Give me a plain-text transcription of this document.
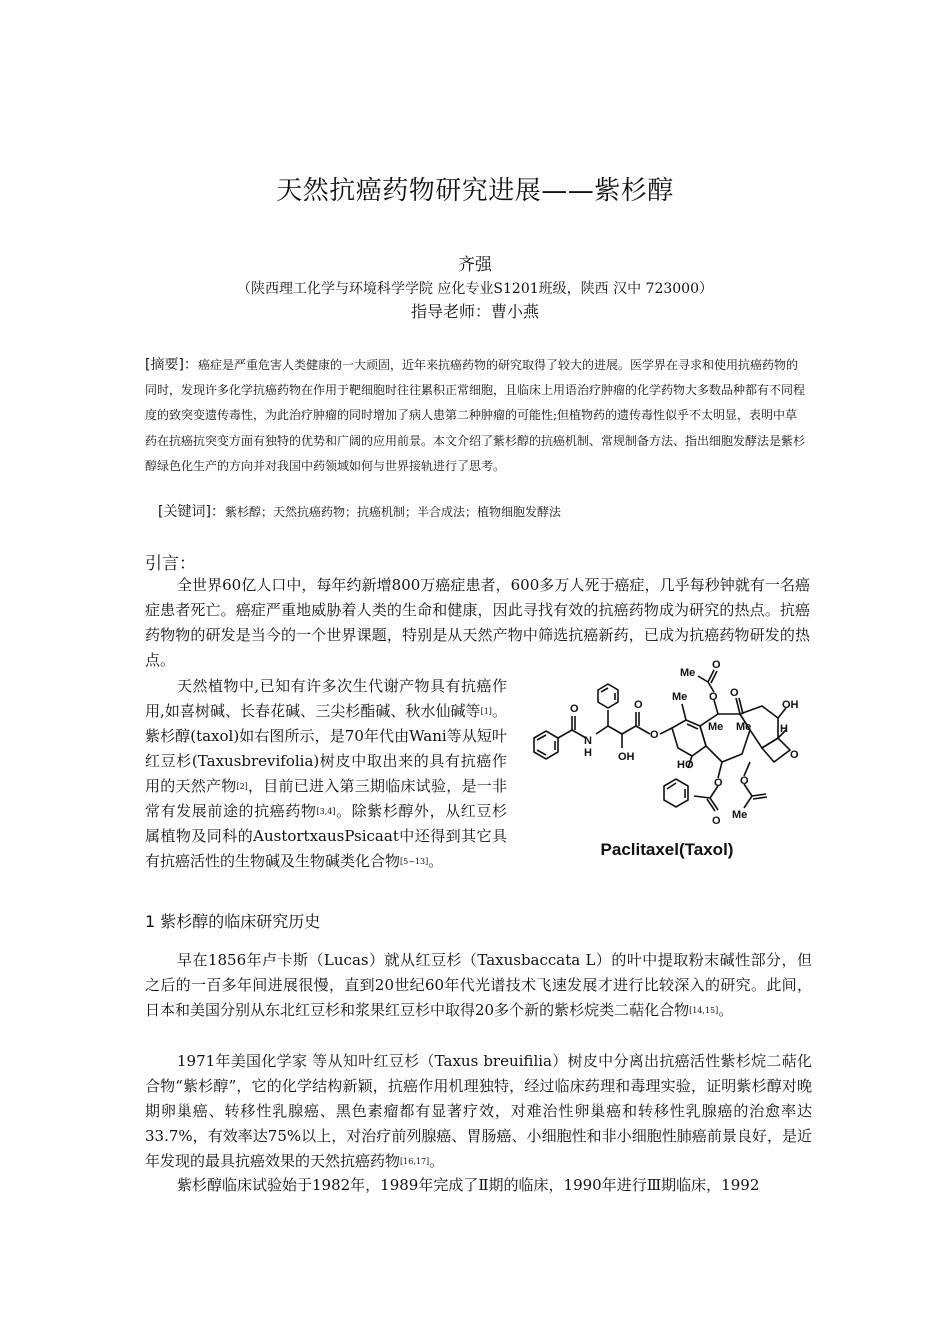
天然抗癌药物研究进展——紫杉醇
齐强
（陕西理工化学与环境科学学院 应化专业S1201班级，陕西 汉中 723000）
指导老师：曹小燕
[摘要]：癌症是严重危害人类健康的一大顽固，近年来抗癌药物的研究取得了较大的进展。医学界在寻求和使用抗癌药物的同时，发现许多化学抗癌药物在作用于靶细胞时往往累积正常细胞，且临床上用语治疗肿瘤的化学药物大多数品种都有不同程度的致突变遗传毒性，为此治疗肿瘤的同时增加了病人患第二种肿瘤的可能性;但植物药的遗传毒性似乎不太明显，表明中草药在抗癌抗突变方面有独特的优势和广阔的应用前景。本文介绍了紫杉醇的抗癌机制、常规制备方法、指出细胞发酵法是紫杉醇绿色化生产的方向并对我国中药领域如何与世界接轨进行了思考。
[关键词]：紫杉醇；天然抗癌药物；抗癌机制；半合成法；植物细胞发酵法
引言：
全世界60亿人口中，每年约新增800万癌症患者，600多万人死于癌症，几乎每秒钟就有一名癌症患者死亡。癌症严重地威胁着人类的生命和健康，因此寻找有效的抗癌药物成为研究的热点。抗癌药物物的研发是当今的一个世界课题，特别是从天然产物中筛选抗癌新药，已成为抗癌药物研发的热点。
天然植物中,已知有许多次生代谢产物具有抗癌作用,如喜树碱、长春花碱、三尖杉酯碱、秋水仙碱等[1]。紫杉醇(taxol)如右图所示，是70年代由Wani等从短叶红豆杉(Taxusbrevifolia)树皮中取出来的具有抗癌作用的天然产物[2]，目前已进入第三期临床试验，是一非常有发展前途的抗癌药物[3,4]。除紫杉醇外，从红豆杉属植物及同科的AustortxausPsicaat中还得到其它具有抗癌活性的生物碱及生物碱类化合物[5~13]。
O
N
H OH
O
O
Me O
Me
O
O
Me Me
OH
H
O
HO
O O
O Me
Paclitaxel(Taxol)
1 紫杉醇的临床研究历史
早在1856年卢卡斯（Lucas）就从红豆杉（Taxusbaccata L）的叶中提取粉末碱性部分，但之后的一百多年间进展很慢，直到20世纪60年代光谱技术飞速发展才进行比较深入的研究。此间，日本和美国分别从东北红豆杉和浆果红豆杉中取得20多个新的紫杉烷类二萜化合物[14,15]。
1971年美国化学家 等从知叶红豆杉（Taxus breuifilia）树皮中分离出抗癌活性紫杉烷二萜化合物“紫杉醇”，它的化学结构新颖，抗癌作用机理独特，经过临床药理和毒理实验，证明紫杉醇对晚期卵巢癌、转移性乳腺癌、黑色素瘤都有显著疗效，对难治性卵巢癌和转移性乳腺癌的治愈率达33.7%，有效率达75%以上，对治疗前列腺癌、胃肠癌、小细胞性和非小细胞性肺癌前景良好，是近年发现的最具抗癌效果的天然抗癌药物[16,17]。
紫杉醇临床试验始于1982年，1989年完成了Ⅱ期的临床，1990年进行Ⅲ期临床，1992
